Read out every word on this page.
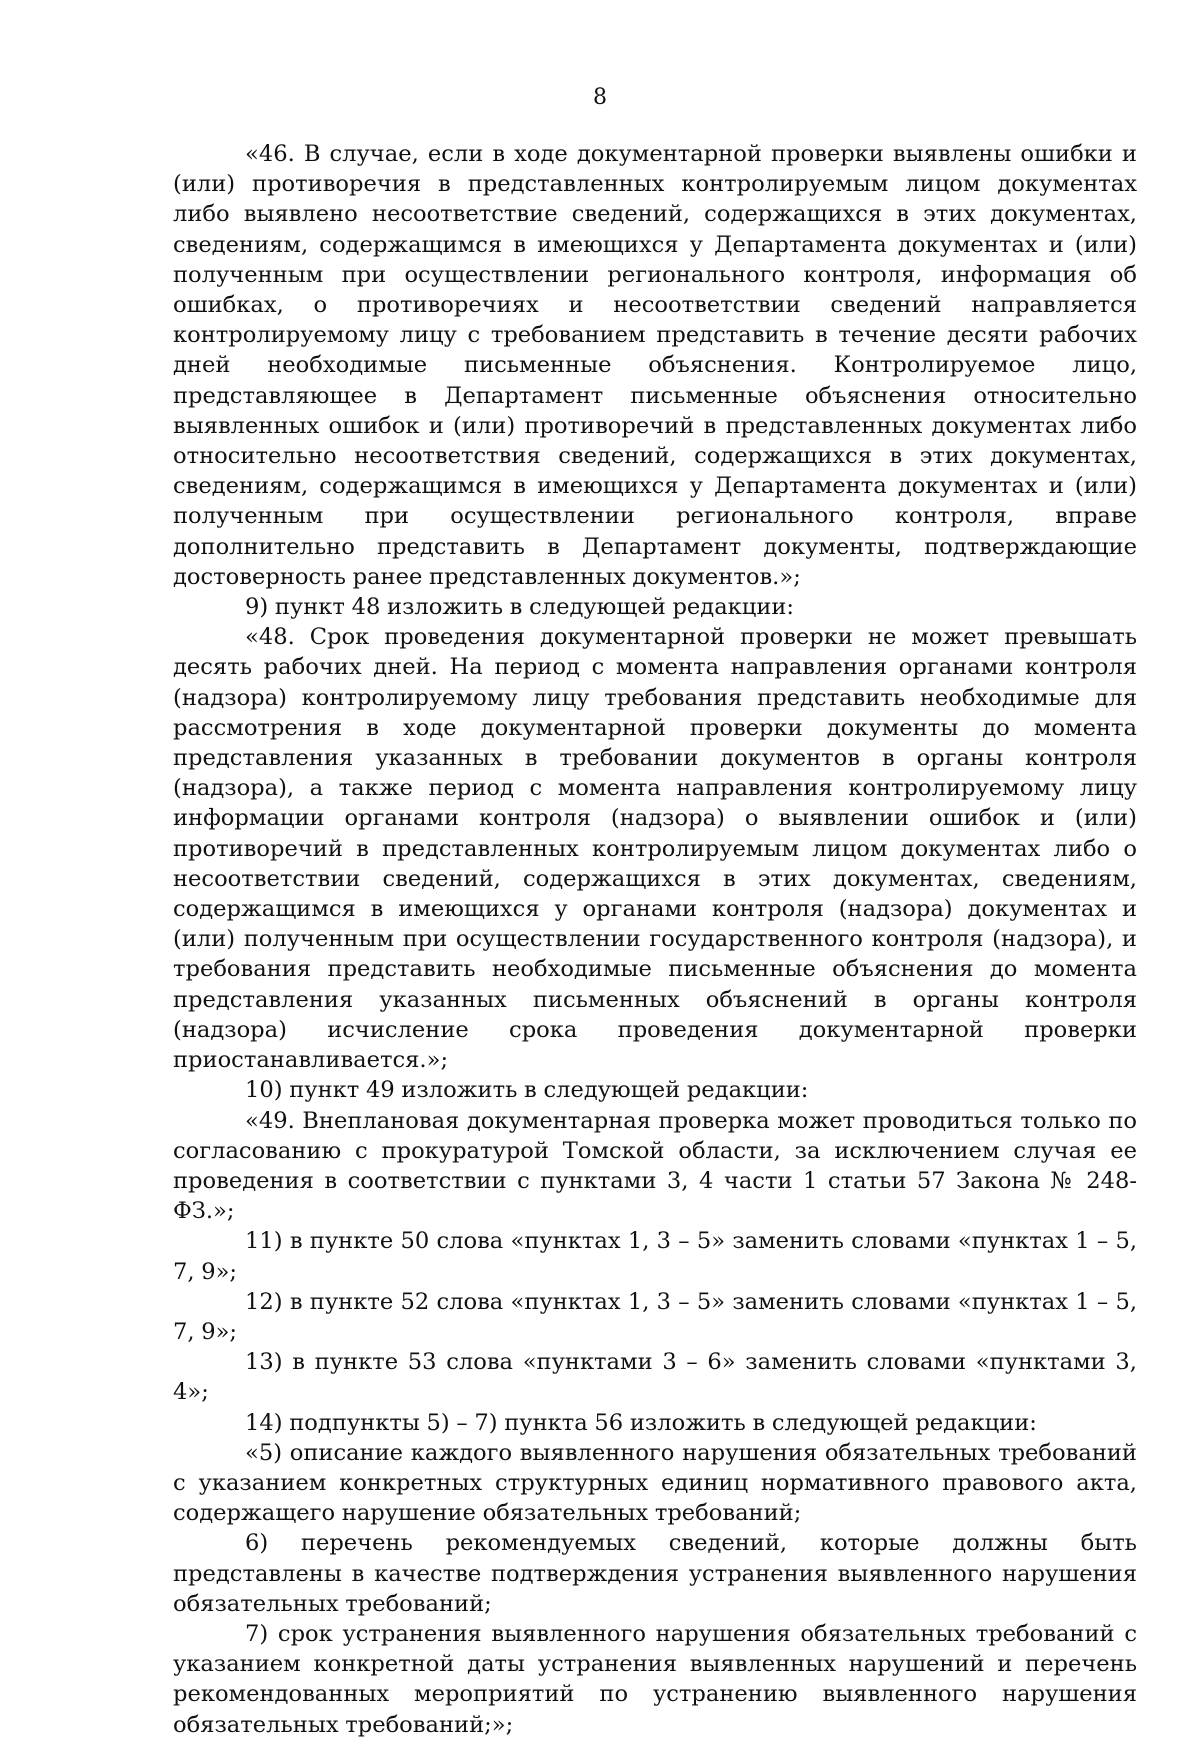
8

«46. В случае, если в ходе документарной проверки выявлены ошибки и (или) противоречия в представленных контролируемым лицом документах либо выявлено несоответствие сведений, содержащихся в этих документах, сведениям, содержащимся в имеющихся у Департамента документах и (или) полученным при осуществлении регионального контроля, информация об ошибках, о противоречиях и несоответствии сведений направляется контролируемому лицу с требованием представить в течение десяти рабочих дней необходимые письменные объяснения. Контролируемое лицо, представляющее в Департамент письменные объяснения относительно выявленных ошибок и (или) противоречий в представленных документах либо относительно несоответствия сведений, содержащихся в этих документах, сведениям, содержащимся в имеющихся у Департамента документах и (или) полученным при осуществлении регионального контроля, вправе дополнительно представить в Департамент документы, подтверждающие достоверность ранее представленных документов.»;

9) пункт 48 изложить в следующей редакции:

«48. Срок проведения документарной проверки не может превышать десять рабочих дней. На период с момента направления органами контроля (надзора) контролируемому лицу требования представить необходимые для рассмотрения в ходе документарной проверки документы до момента представления указанных в требовании документов в органы контроля (надзора), а также период с момента направления контролируемому лицу информации органами контроля (надзора) о выявлении ошибок и (или) противоречий в представленных контролируемым лицом документах либо о несоответствии сведений, содержащихся в этих документах, сведениям, содержащимся в имеющихся у органами контроля (надзора) документах и (или) полученным при осуществлении государственного контроля (надзора), и требования представить необходимые письменные объяснения до момента представления указанных письменных объяснений в органы контроля (надзора) исчисление срока проведения документарной проверки приостанавливается.»;

10) пункт 49 изложить в следующей редакции:

«49. Внеплановая документарная проверка может проводиться только по согласованию с прокуратурой Томской области, за исключением случая ее проведения в соответствии с пунктами 3, 4 части 1 статьи 57 Закона № 248-ФЗ.»;

11) в пункте 50 слова «пунктах 1, 3 – 5» заменить словами «пунктах 1 – 5, 7, 9»;

12) в пункте 52 слова «пунктах 1, 3 – 5» заменить словами «пунктах 1 – 5, 7, 9»;

13) в пункте 53 слова «пунктами 3 – 6» заменить словами «пунктами 3, 4»;

14) подпункты 5) – 7) пункта 56 изложить в следующей редакции:

«5) описание каждого выявленного нарушения обязательных требований с указанием конкретных структурных единиц нормативного правового акта, содержащего нарушение обязательных требований;

6) перечень рекомендуемых сведений, которые должны быть представлены в качестве подтверждения устранения выявленного нарушения обязательных требований;

7) срок устранения выявленного нарушения обязательных требований с указанием конкретной даты устранения выявленных нарушений и перечень рекомендованных мероприятий по устранению выявленного нарушения обязательных требований;»;
